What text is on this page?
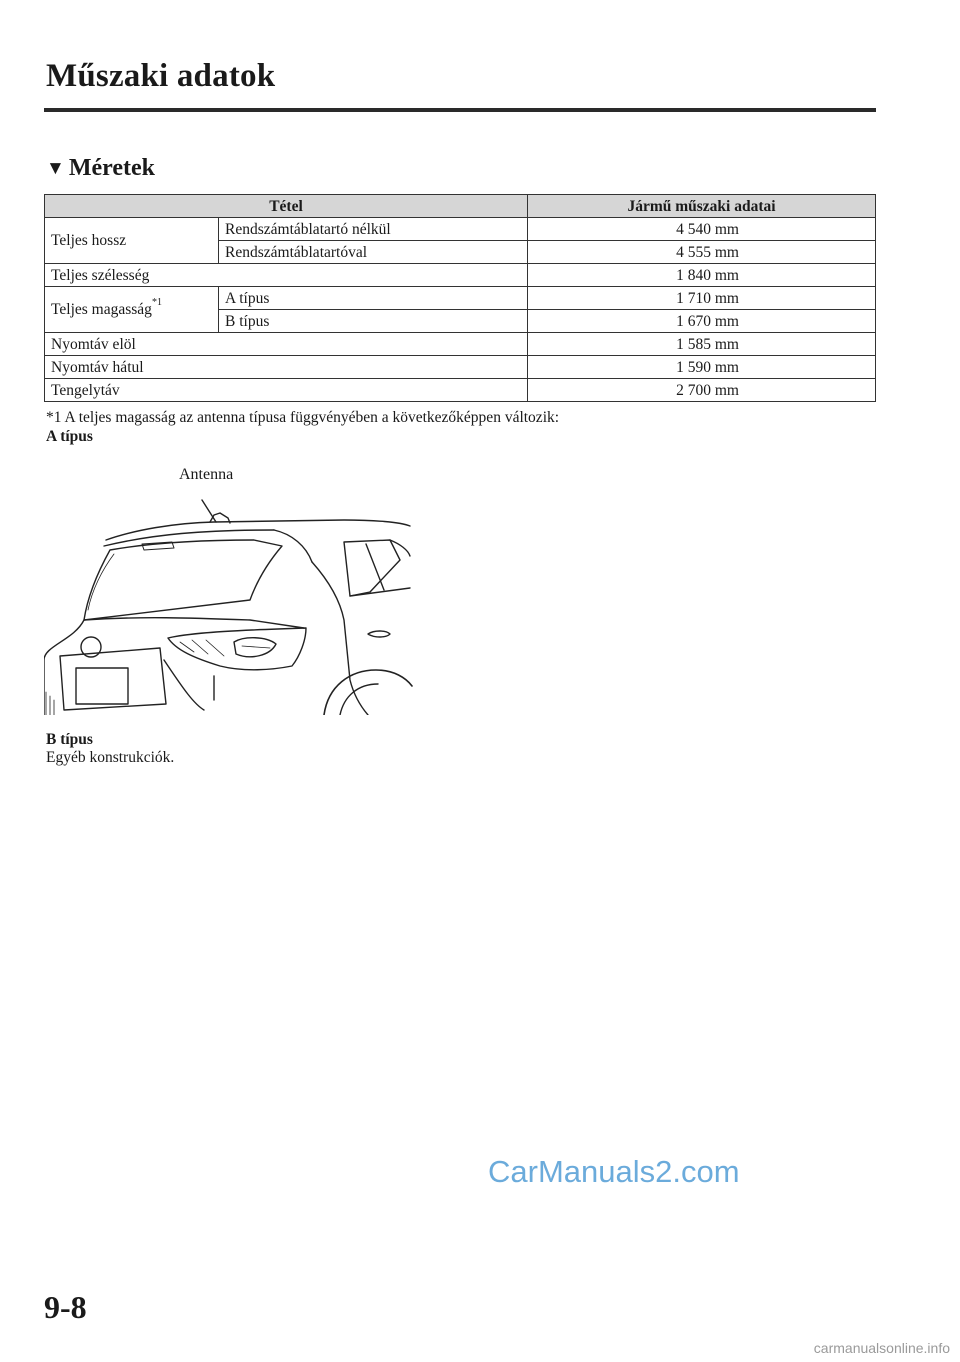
Műszaki adatok
▼ Méretek
Tétel		Jármű műszaki adatai
Teljes hossz	Rendszámtáblatartó nélkül	4 540 mm
	Rendszámtáblatartóval	4 555 mm
Teljes szélesség		1 840 mm
Teljes magasság$^{*1}$	A típus	1 710 mm
	B típus	1 670 mm
Nyomtáv elöl		1 585 mm
Nyomtáv hátul		1 590 mm
Tengelytáv		2 700 mm
*1 A teljes magasság az antenna típusa függvényében a következőképpen változik:
A típus
Antenna
B típus
Egyéb konstrukciók.
CarManuals2.com
9-8
carmanualsonline.info
